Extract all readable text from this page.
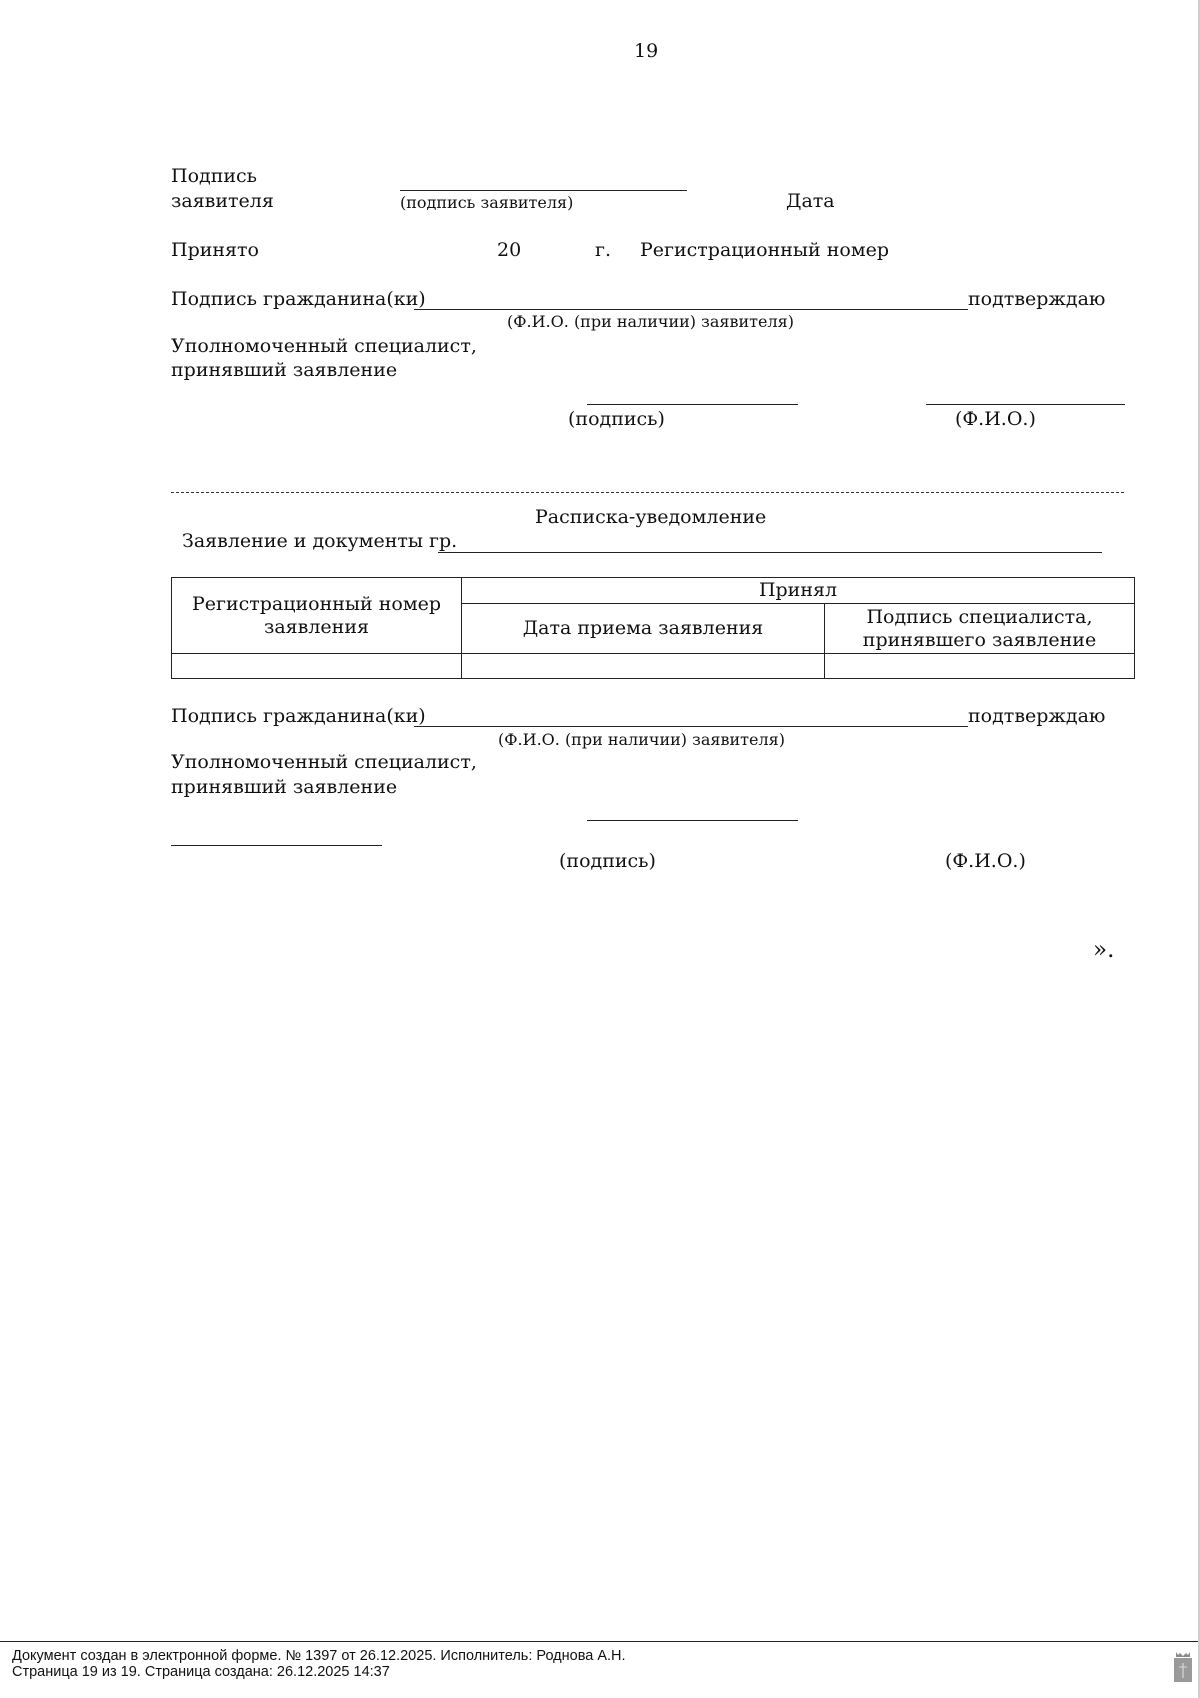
19
Подпись
заявителя	(подпись заявителя)	Дата
Принято	20	г. Регистрационный номер
Подпись гражданина(ки)	подтверждаю
(Ф.И.О. (при наличии) заявителя)
Уполномоченный специалист,
принявший заявление
(подпись)	(Ф.И.О.)
Расписка-уведомление
Заявление и документы гр.
Регистрационный номер заявления	Принял	
	Дата приема заявления	Подпись специалиста, принявшего заявление

Подпись гражданина(ки)	подтверждаю
(Ф.И.О. (при наличии) заявителя)
Уполномоченный специалист,
принявший заявление
(подпись)	(Ф.И.О.)
».
Документ создан в электронной форме. № 1397 от 26.12.2025. Исполнитель: Роднова А.Н.
Страница 19 из 19. Страница создана: 26.12.2025 14:37
